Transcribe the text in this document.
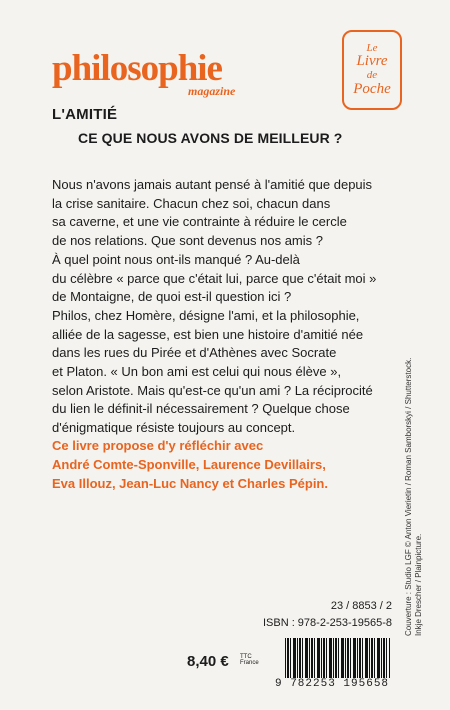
philosophie
magazine
Le
Livre
de
Poche
L'AMITIÉ
CE QUE NOUS AVONS DE MEILLEUR ?

Nous n'avons jamais autant pensé à l'amitié que depuis

la crise sanitaire. Chacun chez soi, chacun dans

sa caverne, et une vie contrainte à réduire le cercle

de nos relations. Que sont devenus nos amis ?

À quel point nous ont-ils manqué ? Au-delà

du célèbre « parce que c'était lui, parce que c'était moi »

de Montaigne, de quoi est-il question ici ?

Philos, chez Homère, désigne l'ami, et la philosophie,

alliée de la sagesse, est bien une histoire d'amitié née

dans les rues du Pirée et d'Athènes avec Socrate

et Platon. « Un bon ami est celui qui nous élève »,

selon Aristote. Mais qu'est-ce qu'un ami ? La réciprocité

du lien le définit-il nécessairement ? Quelque chose

d'énigmatique résiste toujours au concept.

Ce livre propose d'y réfléchir avec

André Comte-Sponville, Laurence Devillairs,

Eva Illouz, Jean-Luc Nancy et Charles Pépin.	Couverture : Studio LGF © Anton Vierietin / Roman Samborskyi / Shutterstock. Inkje Drescher / Plainpicture.

23 / 8853 / 2
ISBN : 978-2-253-19565-8
8,40 € TTC
France
9 782253 195658
